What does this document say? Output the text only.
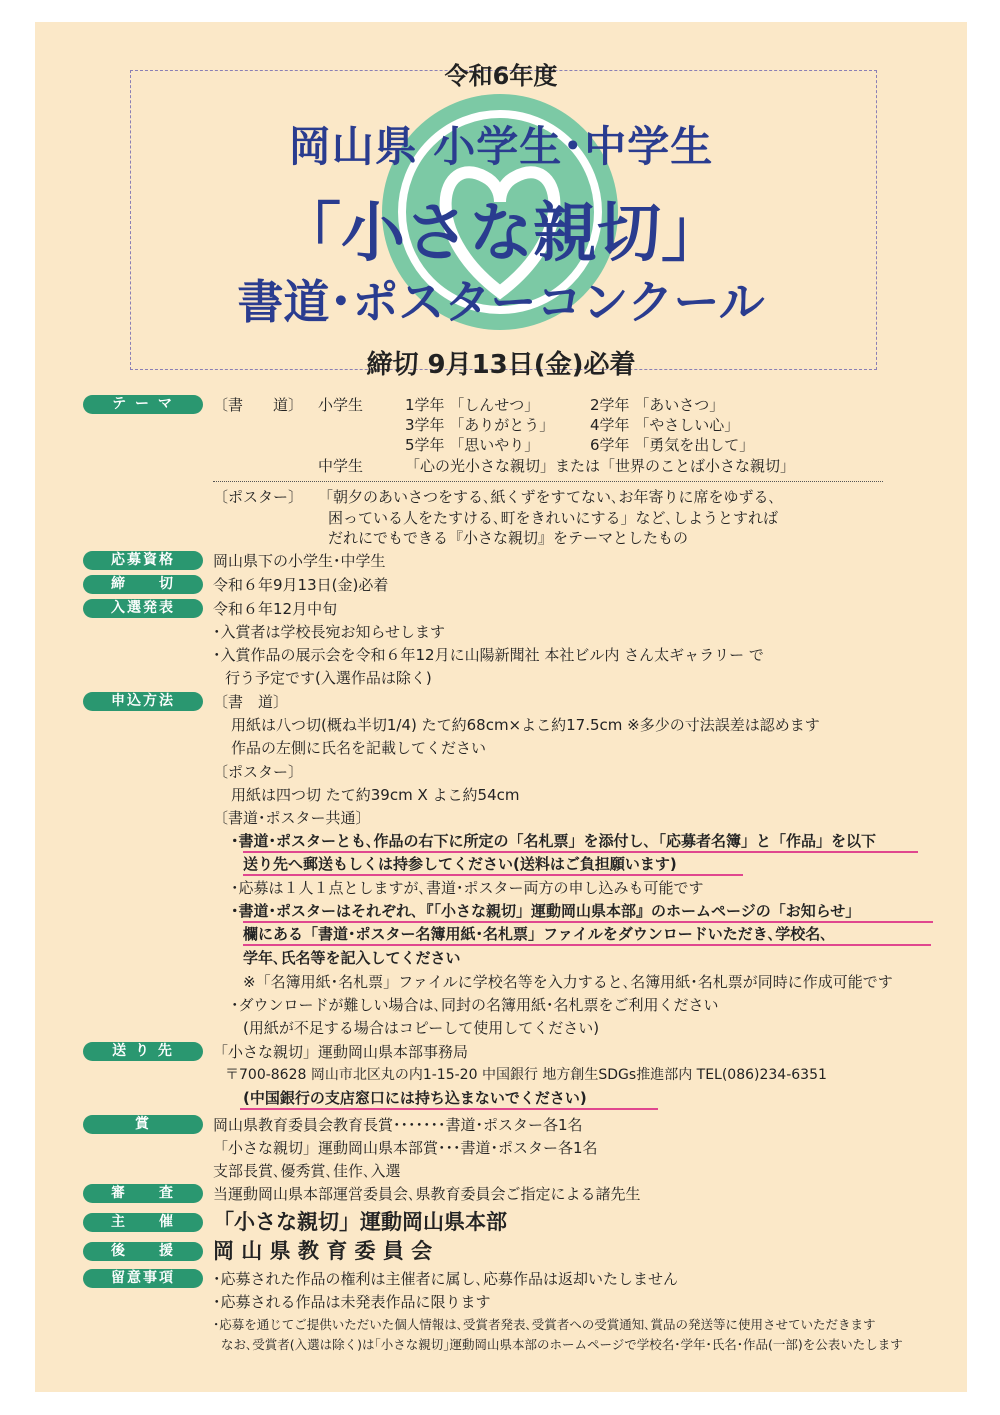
令和6年度
岡山県 小学生･中学生
「小さな親切」
書道･ポスターコンクール
締切 9月13日(金)必着
テ ー マ	〔書　　道〕 小学生	1学年 「しんせつ」	2学年 「あいさつ」
3学年 「ありがとう」 4学年 「やさしい心」
5学年 「思いやり」	6学年 「勇気を出して」
中学生	「心の光小さな親切」または「世界のことば小さな親切」
〔ポスター〕 「朝夕のあいさつをする､紙くずをすてない､お年寄りに席をゆずる､
困っている人をたすける､町をきれいにする」など､しようとすれば
だれにでもできる『小さな親切』をテーマとしたもの
応募資格	岡山県下の小学生･中学生
締　　切	令和６年9月13日(金)必着
入選発表	令和６年12月中旬
･入賞者は学校長宛お知らせします
･入賞作品の展示会を令和６年12月に山陽新聞社 本社ビル内 さん太ギャラリー で
行う予定です(入選作品は除く)
申込方法	〔書　道〕
用紙は八つ切(概ね半切1/4) たて約68cm×よこ約17.5cm ※多少の寸法誤差は認めます
作品の左側に氏名を記載してください
〔ポスター〕
用紙は四つ切 たて約39cm X よこ約54cm
〔書道･ポスター共通〕
･書道･ポスターとも､作品の右下に所定の「名札票」を添付し､「応募者名簿」と「作品」を以下
送り先へ郵送もしくは持参してください(送料はご負担願います)
･応募は１人１点としますが､書道･ポスター両方の申し込みも可能です
･書道･ポスターはそれぞれ､『「小さな親切」運動岡山県本部』のホームページの「お知らせ」
欄にある「書道･ポスター名簿用紙･名札票」ファイルをダウンロードいただき､学校名､
学年､氏名等を記入してください
※「名簿用紙･名札票」ファイルに学校名等を入力すると､名簿用紙･名札票が同時に作成可能です
･ダウンロードが難しい場合は､同封の名簿用紙･名札票をご利用ください
(用紙が不足する場合はコピーして使用してください)
送 り 先	「小さな親切」運動岡山県本部事務局
〒700-8628 岡山市北区丸の内1-15-20 中国銀行 地方創生SDGs推進部内 TEL(086)234-6351
(中国銀行の支店窓口には持ち込まないでください)
賞	岡山県教育委員会教育長賞･･･････書道･ポスター各1名
「小さな親切」運動岡山県本部賞･･･書道･ポスター各1名
支部長賞､優秀賞､佳作､入選
審　　査	当運動岡山県本部運営委員会､県教育委員会ご指定による諸先生
主　　催	「小さな親切」運動岡山県本部
後　　援	岡 山 県 教 育 委 員 会
留意事項	･応募された作品の権利は主催者に属し､応募作品は返却いたしません
･応募される作品は未発表作品に限ります
･応募を通じてご提供いただいた個人情報は､受賞者発表､受賞者への受賞通知､賞品の発送等に使用させていただきます
なお､受賞者(入選は除く)は｢小さな親切｣運動岡山県本部のホームページで学校名･学年･氏名･作品(一部)を公表いたします
